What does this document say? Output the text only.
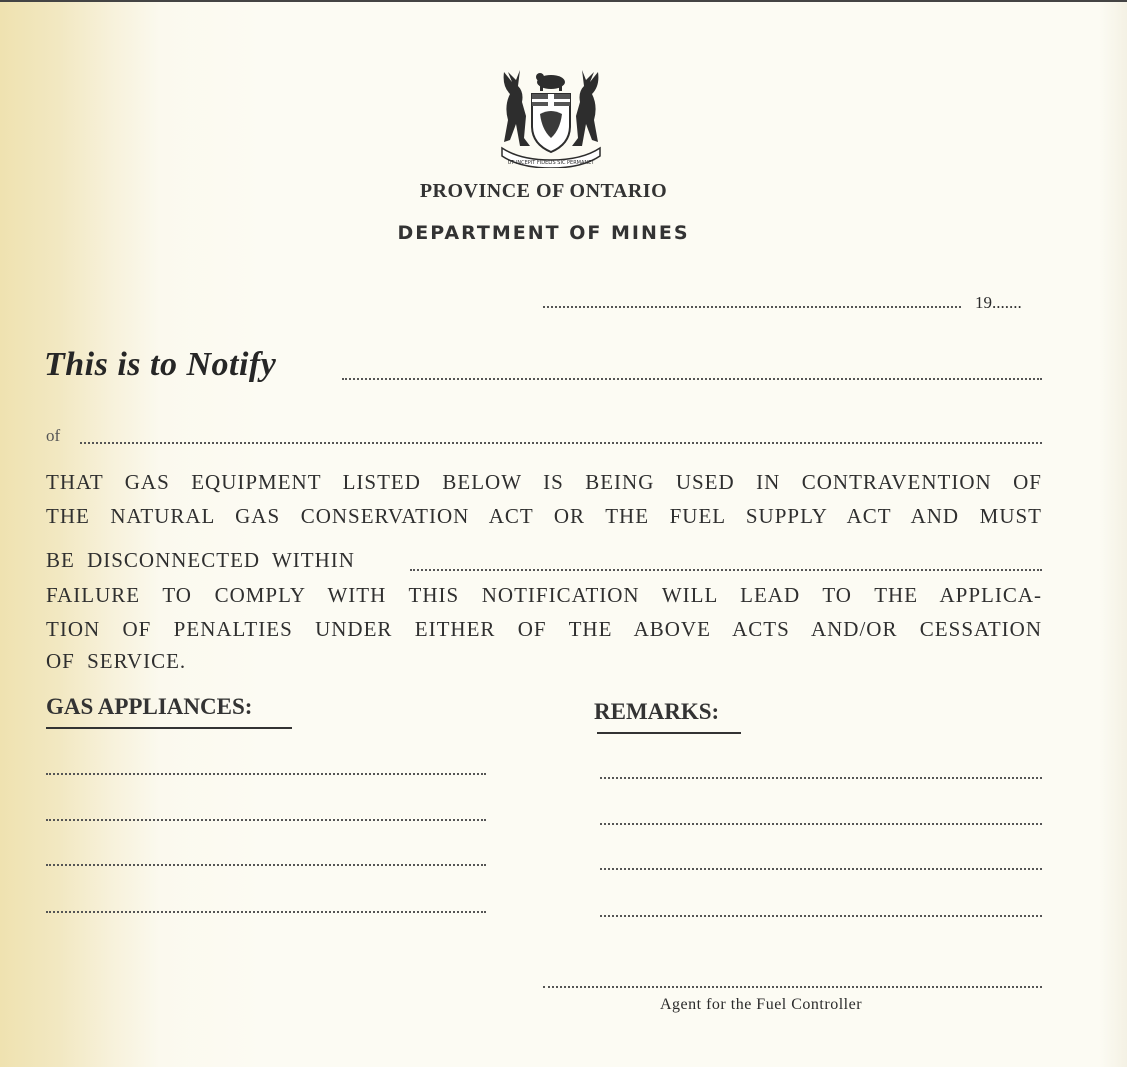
UT INCEPIT FIDELIS SIC PERMANET
PROVINCE OF ONTARIO
DEPARTMENT OF MINES
19.......
This is to Notify
of
THAT GAS EQUIPMENT LISTED BELOW IS BEING USED IN CONTRAVENTION OF
THE NATURAL GAS CONSERVATION ACT OR THE FUEL SUPPLY ACT AND MUST
BE DISCONNECTED WITHIN
FAILURE TO COMPLY WITH THIS NOTIFICATION WILL LEAD TO THE APPLICA-
TION OF PENALTIES UNDER EITHER OF THE ABOVE ACTS AND/OR CESSATION
OF SERVICE.
GAS APPLIANCES:	REMARKS:
Agent for the Fuel Controller
